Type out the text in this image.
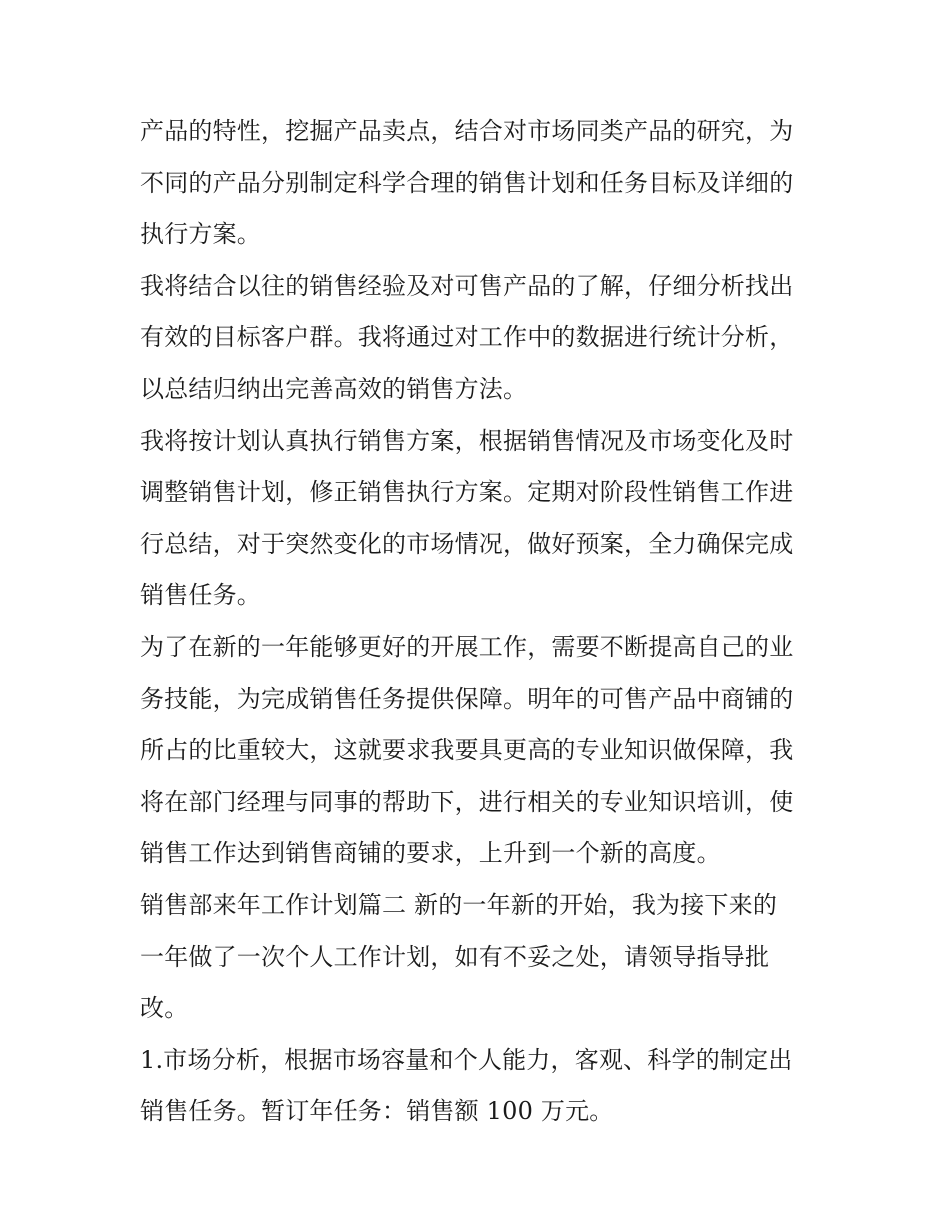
产品的特性，挖掘产品卖点，结合对市场同类产品的研究，为
不同的产品分别制定科学合理的销售计划和任务目标及详细的
执行方案。
我将结合以往的销售经验及对可售产品的了解，仔细分析找出
有效的目标客户群。我将通过对工作中的数据进行统计分析，
以总结归纳出完善高效的销售方法。
我将按计划认真执行销售方案，根据销售情况及市场变化及时
调整销售计划，修正销售执行方案。定期对阶段性销售工作进
行总结，对于突然变化的市场情况，做好预案，全力确保完成
销售任务。
为了在新的一年能够更好的开展工作，需要不断提高自己的业
务技能，为完成销售任务提供保障。明年的可售产品中商铺的
所占的比重较大，这就要求我要具更高的专业知识做保障，我
将在部门经理与同事的帮助下，进行相关的专业知识培训，使
销售工作达到销售商铺的要求，上升到一个新的高度。
销售部来年工作计划篇二 新的一年新的开始，我为接下来的
一年做了一次个人工作计划，如有不妥之处，请领导指导批
改。
1.市场分析，根据市场容量和个人能力，客观、科学的制定出
销售任务。暂订年任务：销售额 100 万元。
